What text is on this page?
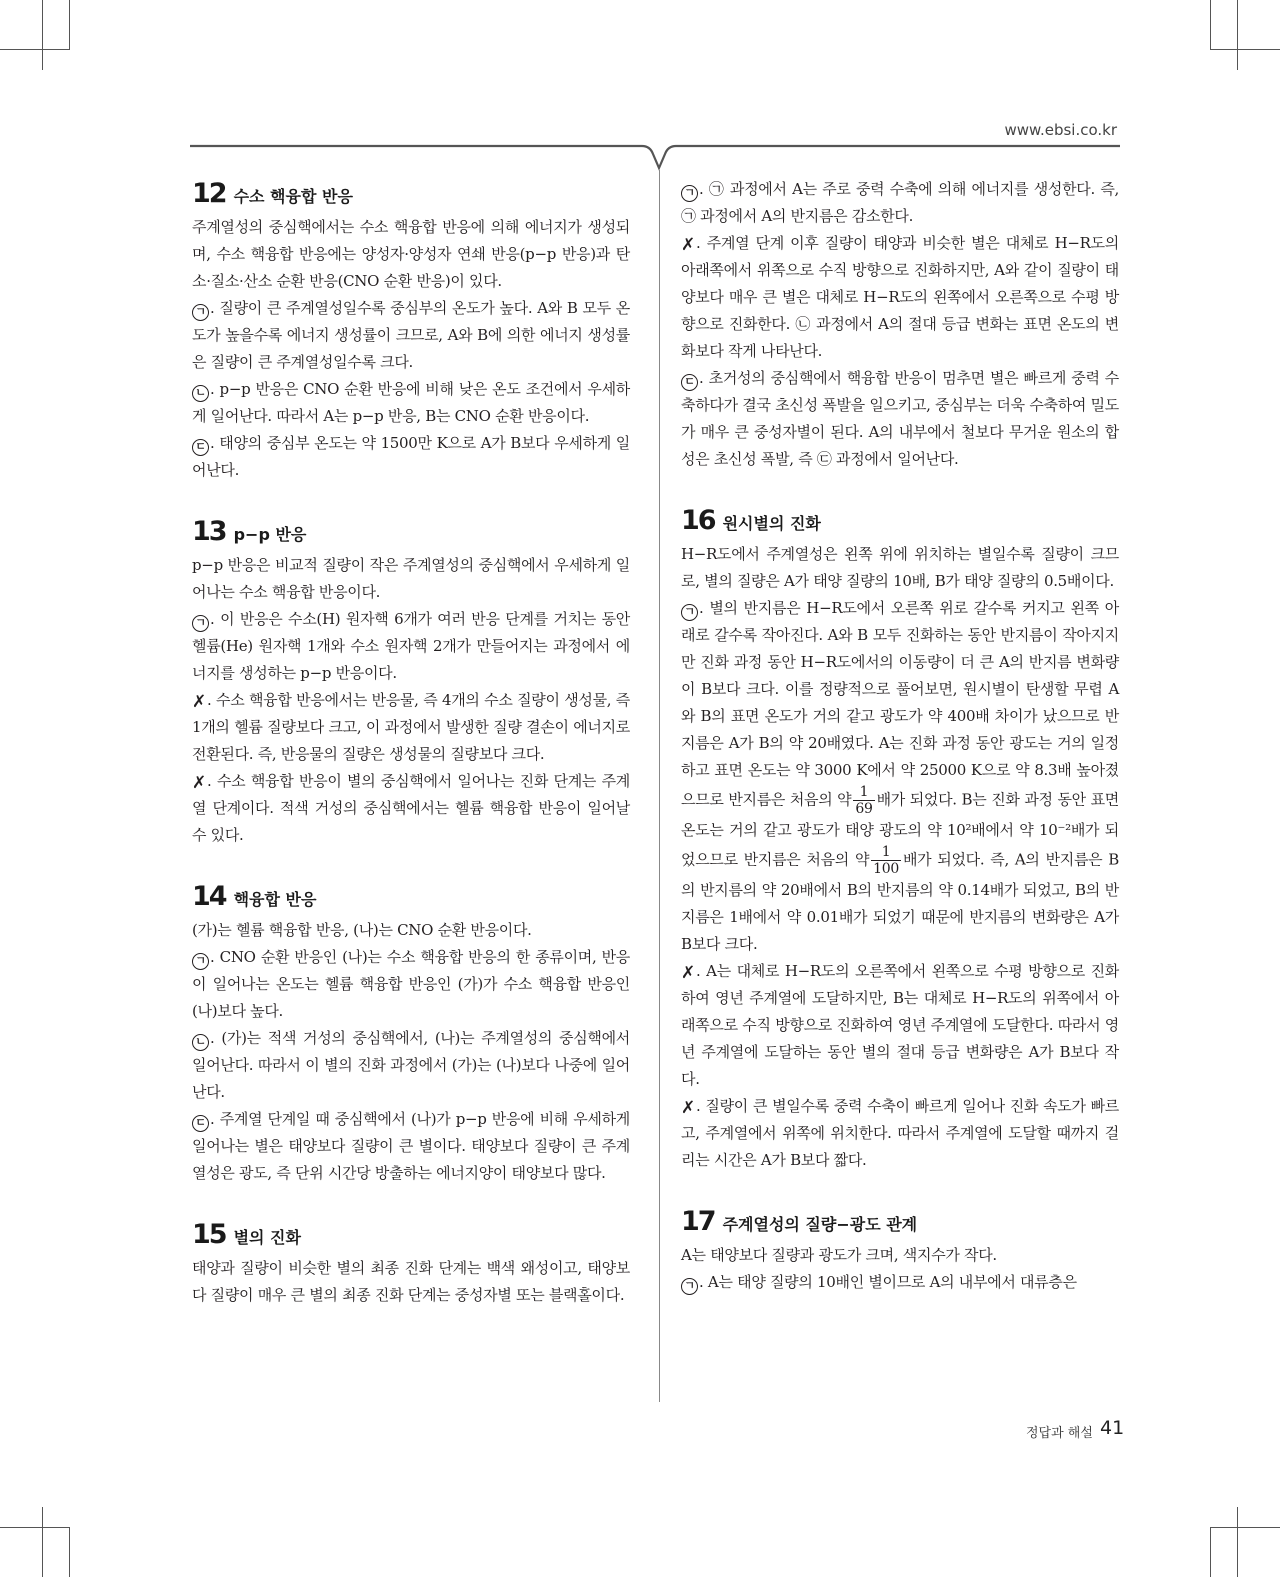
www.ebsi.co.kr
12 수소 핵융합 반응

주계열성의 중심핵에서는 수소 핵융합 반응에 의해 에너지가 생성되며, 수소 핵융합 반응에는 양성자·양성자 연쇄 반응(p−p 반응)과 탄소·질소·산소 순환 반응(CNO 순환 반응)이 있다.

ㄱ . 질량이 큰 주계열성일수록 중심부의 온도가 높다. A와 B 모두 온도가 높을수록 에너지 생성률이 크므로, A와 B에 의한 에너지 생성률은 질량이 큰 주계열성일수록 크다.

ㄴ . p−p 반응은 CNO 순환 반응에 비해 낮은 온도 조건에서 우세하게 일어난다. 따라서 A는 p−p 반응, B는 CNO 순환 반응이다.

ㄷ . 태양의 중심부 온도는 약 1500만 K으로 A가 B보다 우세하게 일어난다.

13 p−p 반응

p−p 반응은 비교적 질량이 작은 주계열성의 중심핵에서 우세하게 일어나는 수소 핵융합 반응이다.

ㄱ . 이 반응은 수소(H) 원자핵 6개가 여러 반응 단계를 거치는 동안 헬륨(He) 원자핵 1개와 수소 원자핵 2개가 만들어지는 과정에서 에너지를 생성하는 p−p 반응이다.

✗. 수소 핵융합 반응에서는 반응물, 즉 4개의 수소 질량이 생성물, 즉 1개의 헬륨 질량보다 크고, 이 과정에서 발생한 질량 결손이 에너지로 전환된다. 즉, 반응물의 질량은 생성물의 질량보다 크다.

✗. 수소 핵융합 반응이 별의 중심핵에서 일어나는 진화 단계는 주계열 단계이다. 적색 거성의 중심핵에서는 헬륨 핵융합 반응이 일어날 수 있다.

14 핵융합 반응

(가)는 헬륨 핵융합 반응, (나)는 CNO 순환 반응이다.

ㄱ . CNO 순환 반응인 (나)는 수소 핵융합 반응의 한 종류이며, 반응이 일어나는 온도는 헬륨 핵융합 반응인 (가)가 수소 핵융합 반응인 (나)보다 높다.

ㄴ . (가)는 적색 거성의 중심핵에서, (나)는 주계열성의 중심핵에서 일어난다. 따라서 이 별의 진화 과정에서 (가)는 (나)보다 나중에 일어난다.

ㄷ . 주계열 단계일 때 중심핵에서 (나)가 p−p 반응에 비해 우세하게 일어나는 별은 태양보다 질량이 큰 별이다. 태양보다 질량이 큰 주계열성은 광도, 즉 단위 시간당 방출하는 에너지양이 태양보다 많다.

15 별의 진화

태양과 질량이 비슷한 별의 최종 진화 단계는 백색 왜성이고, 태양보다 질량이 매우 큰 별의 최종 진화 단계는 중성자별 또는 블랙홀이다.

ㄱ . ㉠ 과정에서 A는 주로 중력 수축에 의해 에너지를 생성한다. 즉, ㉠ 과정에서 A의 반지름은 감소한다.

✗. 주계열 단계 이후 질량이 태양과 비슷한 별은 대체로 H−R도의 아래쪽에서 위쪽으로 수직 방향으로 진화하지만, A와 같이 질량이 태양보다 매우 큰 별은 대체로 H−R도의 왼쪽에서 오른쪽으로 수평 방향으로 진화한다. ㉡ 과정에서 A의 절대 등급 변화는 표면 온도의 변화보다 작게 나타난다.

ㄷ . 초거성의 중심핵에서 핵융합 반응이 멈추면 별은 빠르게 중력 수축하다가 결국 초신성 폭발을 일으키고, 중심부는 더욱 수축하여 밀도가 매우 큰 중성자별이 된다. A의 내부에서 철보다 무거운 원소의 합성은 초신성 폭발, 즉 ㉢ 과정에서 일어난다.

16 원시별의 진화

H−R도에서 주계열성은 왼쪽 위에 위치하는 별일수록 질량이 크므로, 별의 질량은 A가 태양 질량의 10배, B가 태양 질량의 0.5배이다.

ㄱ . 별의 반지름은 H−R도에서 오른쪽 위로 갈수록 커지고 왼쪽 아래로 갈수록 작아진다. A와 B 모두 진화하는 동안 반지름이 작아지지만 진화 과정 동안 H−R도에서의 이동량이 더 큰 A의 반지름 변화량이 B보다 크다. 이를 정량적으로 풀어보면, 원시별이 탄생할 무렵 A와 B의 표면 온도가 거의 같고 광도가 약 400배 차이가 났으므로 반지름은 A가 B의 약 20배였다. A는 진화 과정 동안 광도는 거의 일정하고 표면 온도는 약 3000 K에서 약 25000 K으로 약 8.3배 높아졌으므로 반지름은 처음의 약 $\frac{1}{69}$ 배가 되었다. B는 진화 과정 동안 표면 온도는 거의 같고 광도가 태양 광도의 약 10²배에서 약 10⁻²배가 되었으므로 반지름은 처음의 약 $\frac{1}{100}$ 배가 되었다. 즉, A의 반지름은 B의 반지름의 약 20배에서 B의 반지름의 약 0.14배가 되었고, B의 반지름은 1배에서 약 0.01배가 되었기 때문에 반지름의 변화량은 A가 B보다 크다.

✗. A는 대체로 H−R도의 오른쪽에서 왼쪽으로 수평 방향으로 진화하여 영년 주계열에 도달하지만, B는 대체로 H−R도의 위쪽에서 아래쪽으로 수직 방향으로 진화하여 영년 주계열에 도달한다. 따라서 영년 주계열에 도달하는 동안 별의 절대 등급 변화량은 A가 B보다 작다.

✗. 질량이 큰 별일수록 중력 수축이 빠르게 일어나 진화 속도가 빠르고, 주계열에서 위쪽에 위치한다. 따라서 주계열에 도달할 때까지 걸리는 시간은 A가 B보다 짧다.

17 주계열성의 질량−광도 관계

A는 태양보다 질량과 광도가 크며, 색지수가 작다.

ㄱ . A는 태양 질량의 10배인 별이므로 A의 내부에서 대류층은

정답과 해설 41
